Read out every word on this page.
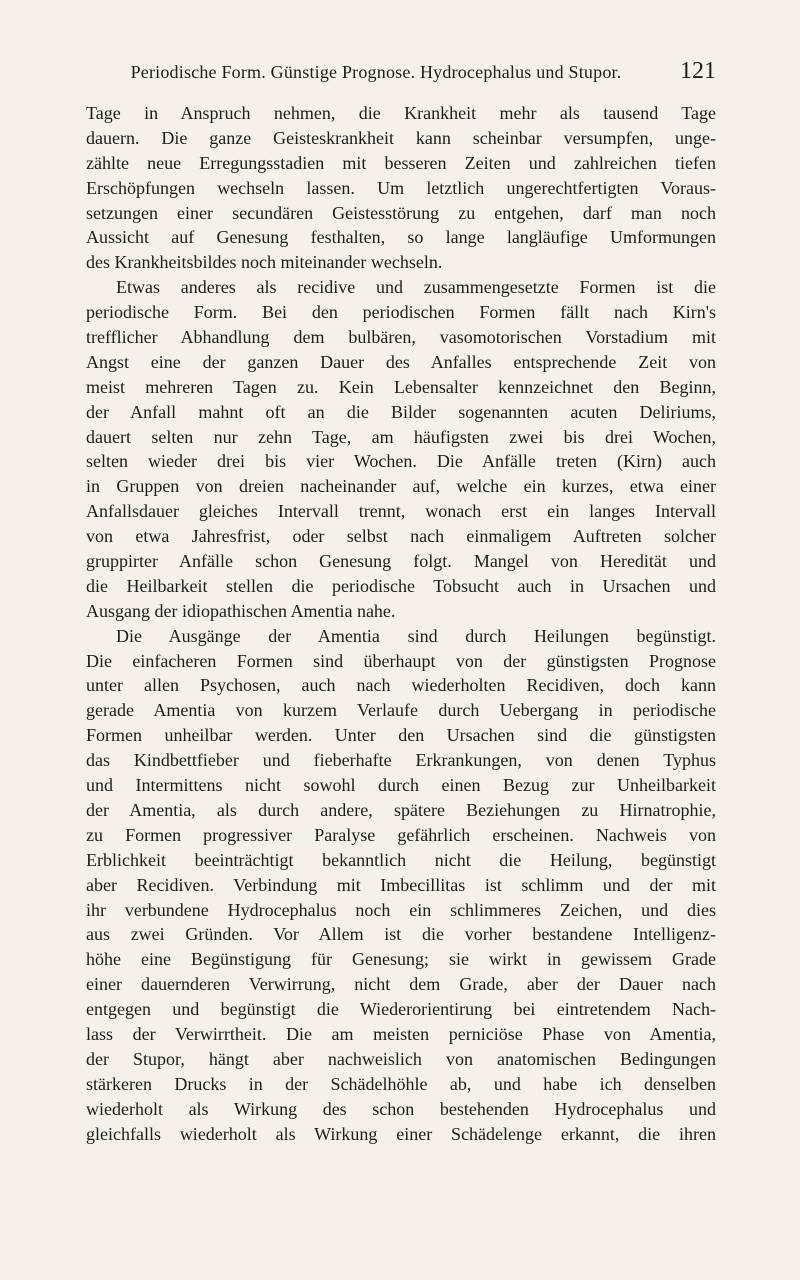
Periodische Form. Günstige Prognose. Hydrocephalus und Stupor.	121
Tage in Anspruch nehmen, die Krankheit mehr als tausend Tage
dauern. Die ganze Geisteskrankheit kann scheinbar versumpfen, unge-
zählte neue Erregungsstadien mit besseren Zeiten und zahlreichen tiefen
Erschöpfungen wechseln lassen. Um letztlich ungerechtfertigten Voraus-
setzungen einer secundären Geistesstörung zu entgehen, darf man noch
Aussicht auf Genesung festhalten, so lange langläufige Umformungen
des Krankheitsbildes noch miteinander wechseln.
Etwas anderes als recidive und zusammengesetzte Formen ist die
periodische Form. Bei den periodischen Formen fällt nach Kirn's
trefflicher Abhandlung dem bulbären, vasomotorischen Vorstadium mit
Angst eine der ganzen Dauer des Anfalles entsprechende Zeit von
meist mehreren Tagen zu. Kein Lebensalter kennzeichnet den Beginn,
der Anfall mahnt oft an die Bilder sogenannten acuten Deliriums,
dauert selten nur zehn Tage, am häufigsten zwei bis drei Wochen,
selten wieder drei bis vier Wochen. Die Anfälle treten (Kirn) auch
in Gruppen von dreien nacheinander auf, welche ein kurzes, etwa einer
Anfallsdauer gleiches Intervall trennt, wonach erst ein langes Intervall
von etwa Jahresfrist, oder selbst nach einmaligem Auftreten solcher
gruppirter Anfälle schon Genesung folgt. Mangel von Heredität und
die Heilbarkeit stellen die periodische Tobsucht auch in Ursachen und
Ausgang der idiopathischen Amentia nahe.
Die Ausgänge der Amentia sind durch Heilungen begünstigt.
Die einfacheren Formen sind überhaupt von der günstigsten Prognose
unter allen Psychosen, auch nach wiederholten Recidiven, doch kann
gerade Amentia von kurzem Verlaufe durch Uebergang in periodische
Formen unheilbar werden. Unter den Ursachen sind die günstigsten
das Kindbettfieber und fieberhafte Erkrankungen, von denen Typhus
und Intermittens nicht sowohl durch einen Bezug zur Unheilbarkeit
der Amentia, als durch andere, spätere Beziehungen zu Hirnatrophie,
zu Formen progressiver Paralyse gefährlich erscheinen. Nachweis von
Erblichkeit beeinträchtigt bekanntlich nicht die Heilung, begünstigt
aber Recidiven. Verbindung mit Imbecillitas ist schlimm und der mit
ihr verbundene Hydrocephalus noch ein schlimmeres Zeichen, und dies
aus zwei Gründen. Vor Allem ist die vorher bestandene Intelligenz-
höhe eine Begünstigung für Genesung; sie wirkt in gewissem Grade
einer dauernderen Verwirrung, nicht dem Grade, aber der Dauer nach
entgegen und begünstigt die Wiederorientirung bei eintretendem Nach-
lass der Verwirrtheit. Die am meisten perniciöse Phase von Amentia,
der Stupor, hängt aber nachweislich von anatomischen Bedingungen
stärkeren Drucks in der Schädelhöhle ab, und habe ich denselben
wiederholt als Wirkung des schon bestehenden Hydrocephalus und
gleichfalls wiederholt als Wirkung einer Schädelenge erkannt, die ihren
